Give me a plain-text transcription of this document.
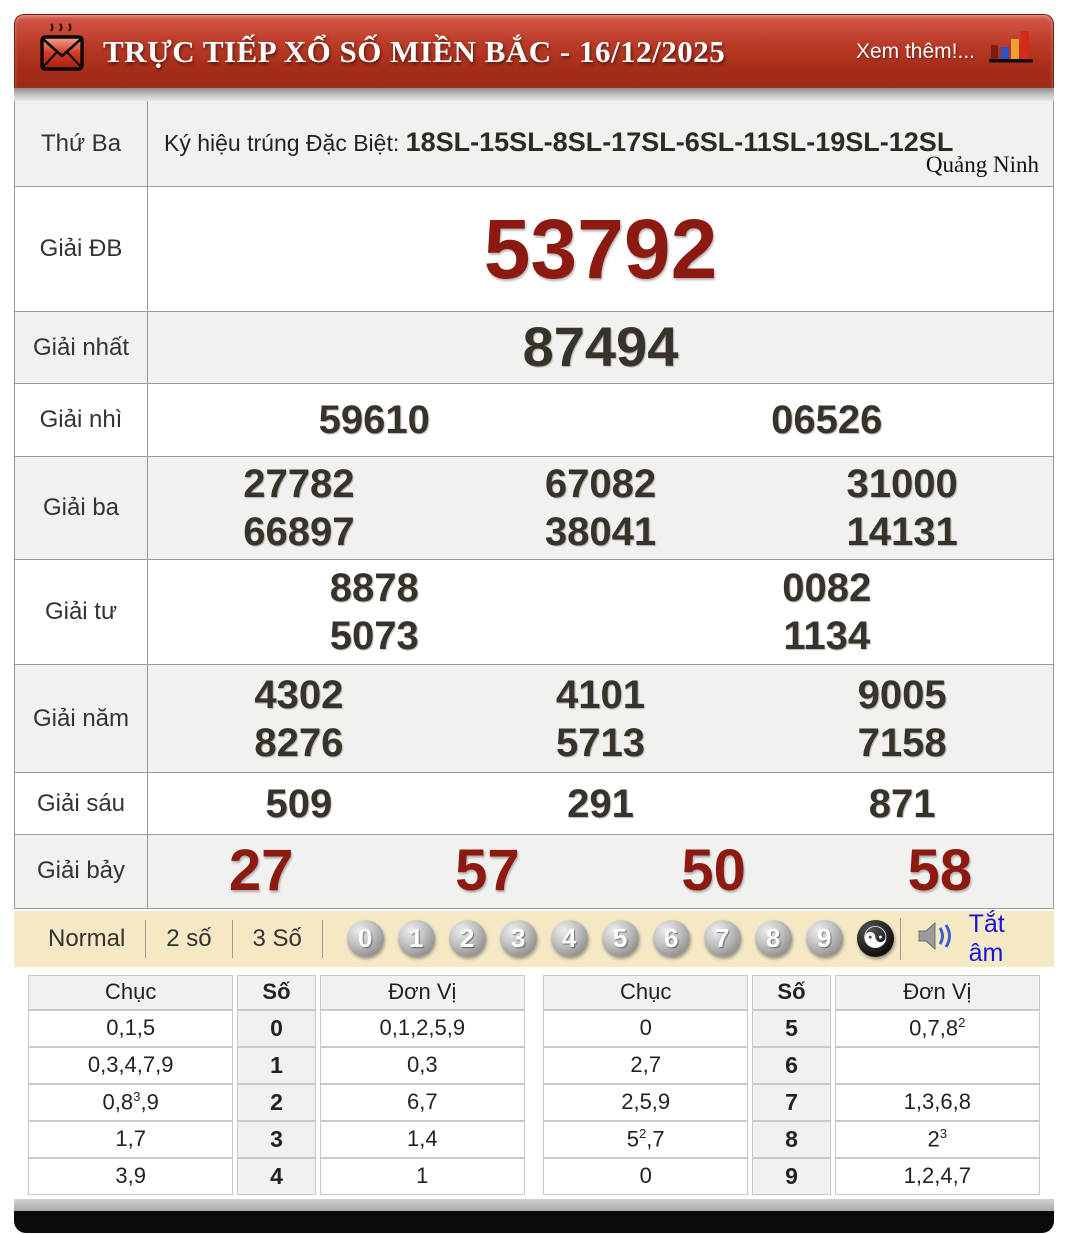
TRỰC TIẾP XỔ SỐ MIỀN BẮC - 16/12/2025	Xem thêm!...
Thứ Ba	Ký hiệu trúng Đặc Biệt: 18SL-15SL-8SL-17SL-6SL-11SL-19SL-12SL
Quảng Ninh
Giải ĐB	53792
Giải nhất	87494
Giải nhì	59610	06526
Giải ba
27782	67082	31000
66897	38041	14131
Giải tư
8878	0082
5073	1134
Giải năm
4302	4101	9005
8276	5713	7158
Giải sáu	509	291	871
Giải bảy	27	57	50	58
Normal	2 số	3 Số	0	1	2	3	4	5	6	7	8	9	☯	Tắt âm
Chục	Số	Đơn Vị
0,1,5	0	0,1,2,5,9
0,3,4,7,9	1	0,3
$0,8^3,9$	2	6,7
1,7	3	1,4
3,9	4	1
Chục	Số	Đơn Vị
0	5	0,7,8$^2$
2,7	6	
2,5,9	7	1,3,6,8
$5^2,7$	8	$2^3$
0	9	1,2,4,7
